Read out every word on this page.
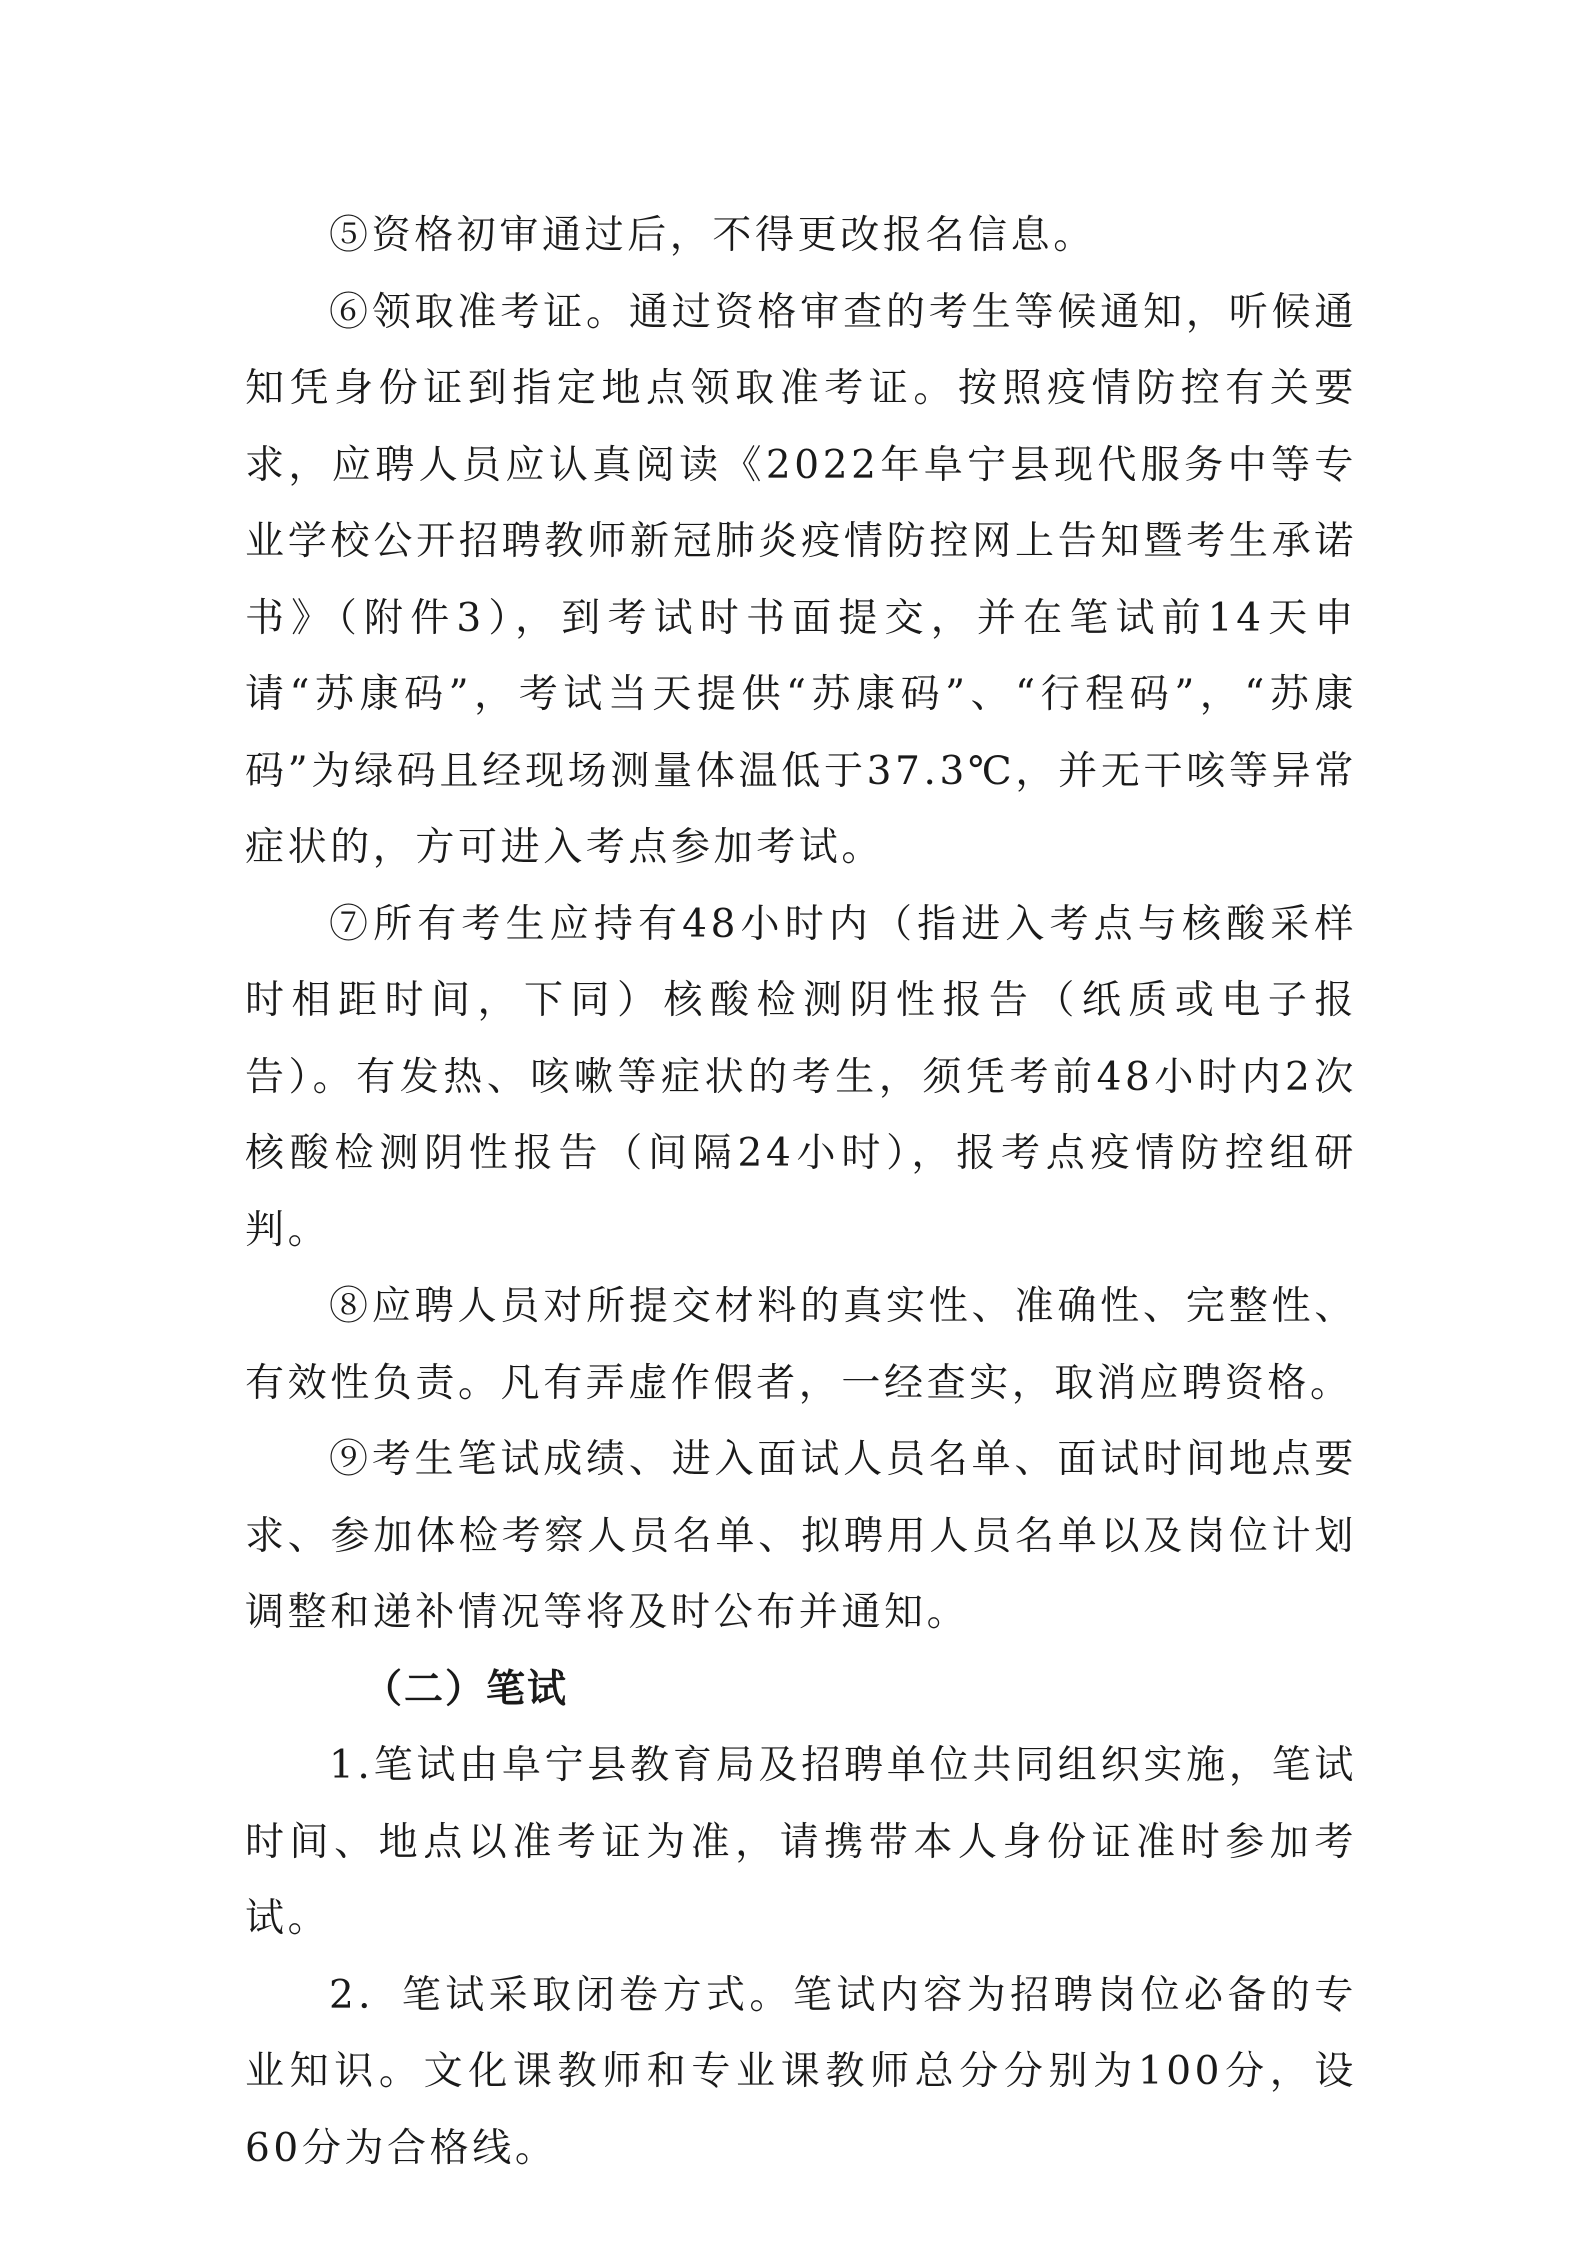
⑤资格初审通过后，不得更改报名信息。

⑥领取准考证。通过资格审查的考生等候通知，听候通知凭身份证到指定地点领取准考证。按照疫情防控有关要求，应聘人员应认真阅读《2022年阜宁县现代服务中等专业学校公开招聘教师新冠肺炎疫情防控网上告知暨考生承诺书》（附件3），到考试时书面提交，并在笔试前14天申请“苏康码”，考试当天提供“苏康码”、“行程码”，“苏康码”为绿码且经现场测量体温低于37.3℃，并无干咳等异常症状的，方可进入考点参加考试。

⑦所有考生应持有48小时内（指进入考点与核酸采样时相距时间，下同）核酸检测阴性报告（纸质或电子报告）。有发热、咳嗽等症状的考生，须凭考前48小时内2次核酸检测阴性报告（间隔24小时），报考点疫情防控组研判。

⑧应聘人员对所提交材料的真实性、准确性、完整性、有效性负责。凡有弄虚作假者，一经查实，取消应聘资格。

⑨考生笔试成绩、进入面试人员名单、面试时间地点要求、参加体检考察人员名单、拟聘用人员名单以及岗位计划调整和递补情况等将及时公布并通知。

（二）笔试

1.笔试由阜宁县教育局及招聘单位共同组织实施，笔试时间、地点以准考证为准，请携带本人身份证准时参加考试。

2．笔试采取闭卷方式。笔试内容为招聘岗位必备的专业知识。文化课教师和专业课教师总分分别为100分，设60分为合格线。
